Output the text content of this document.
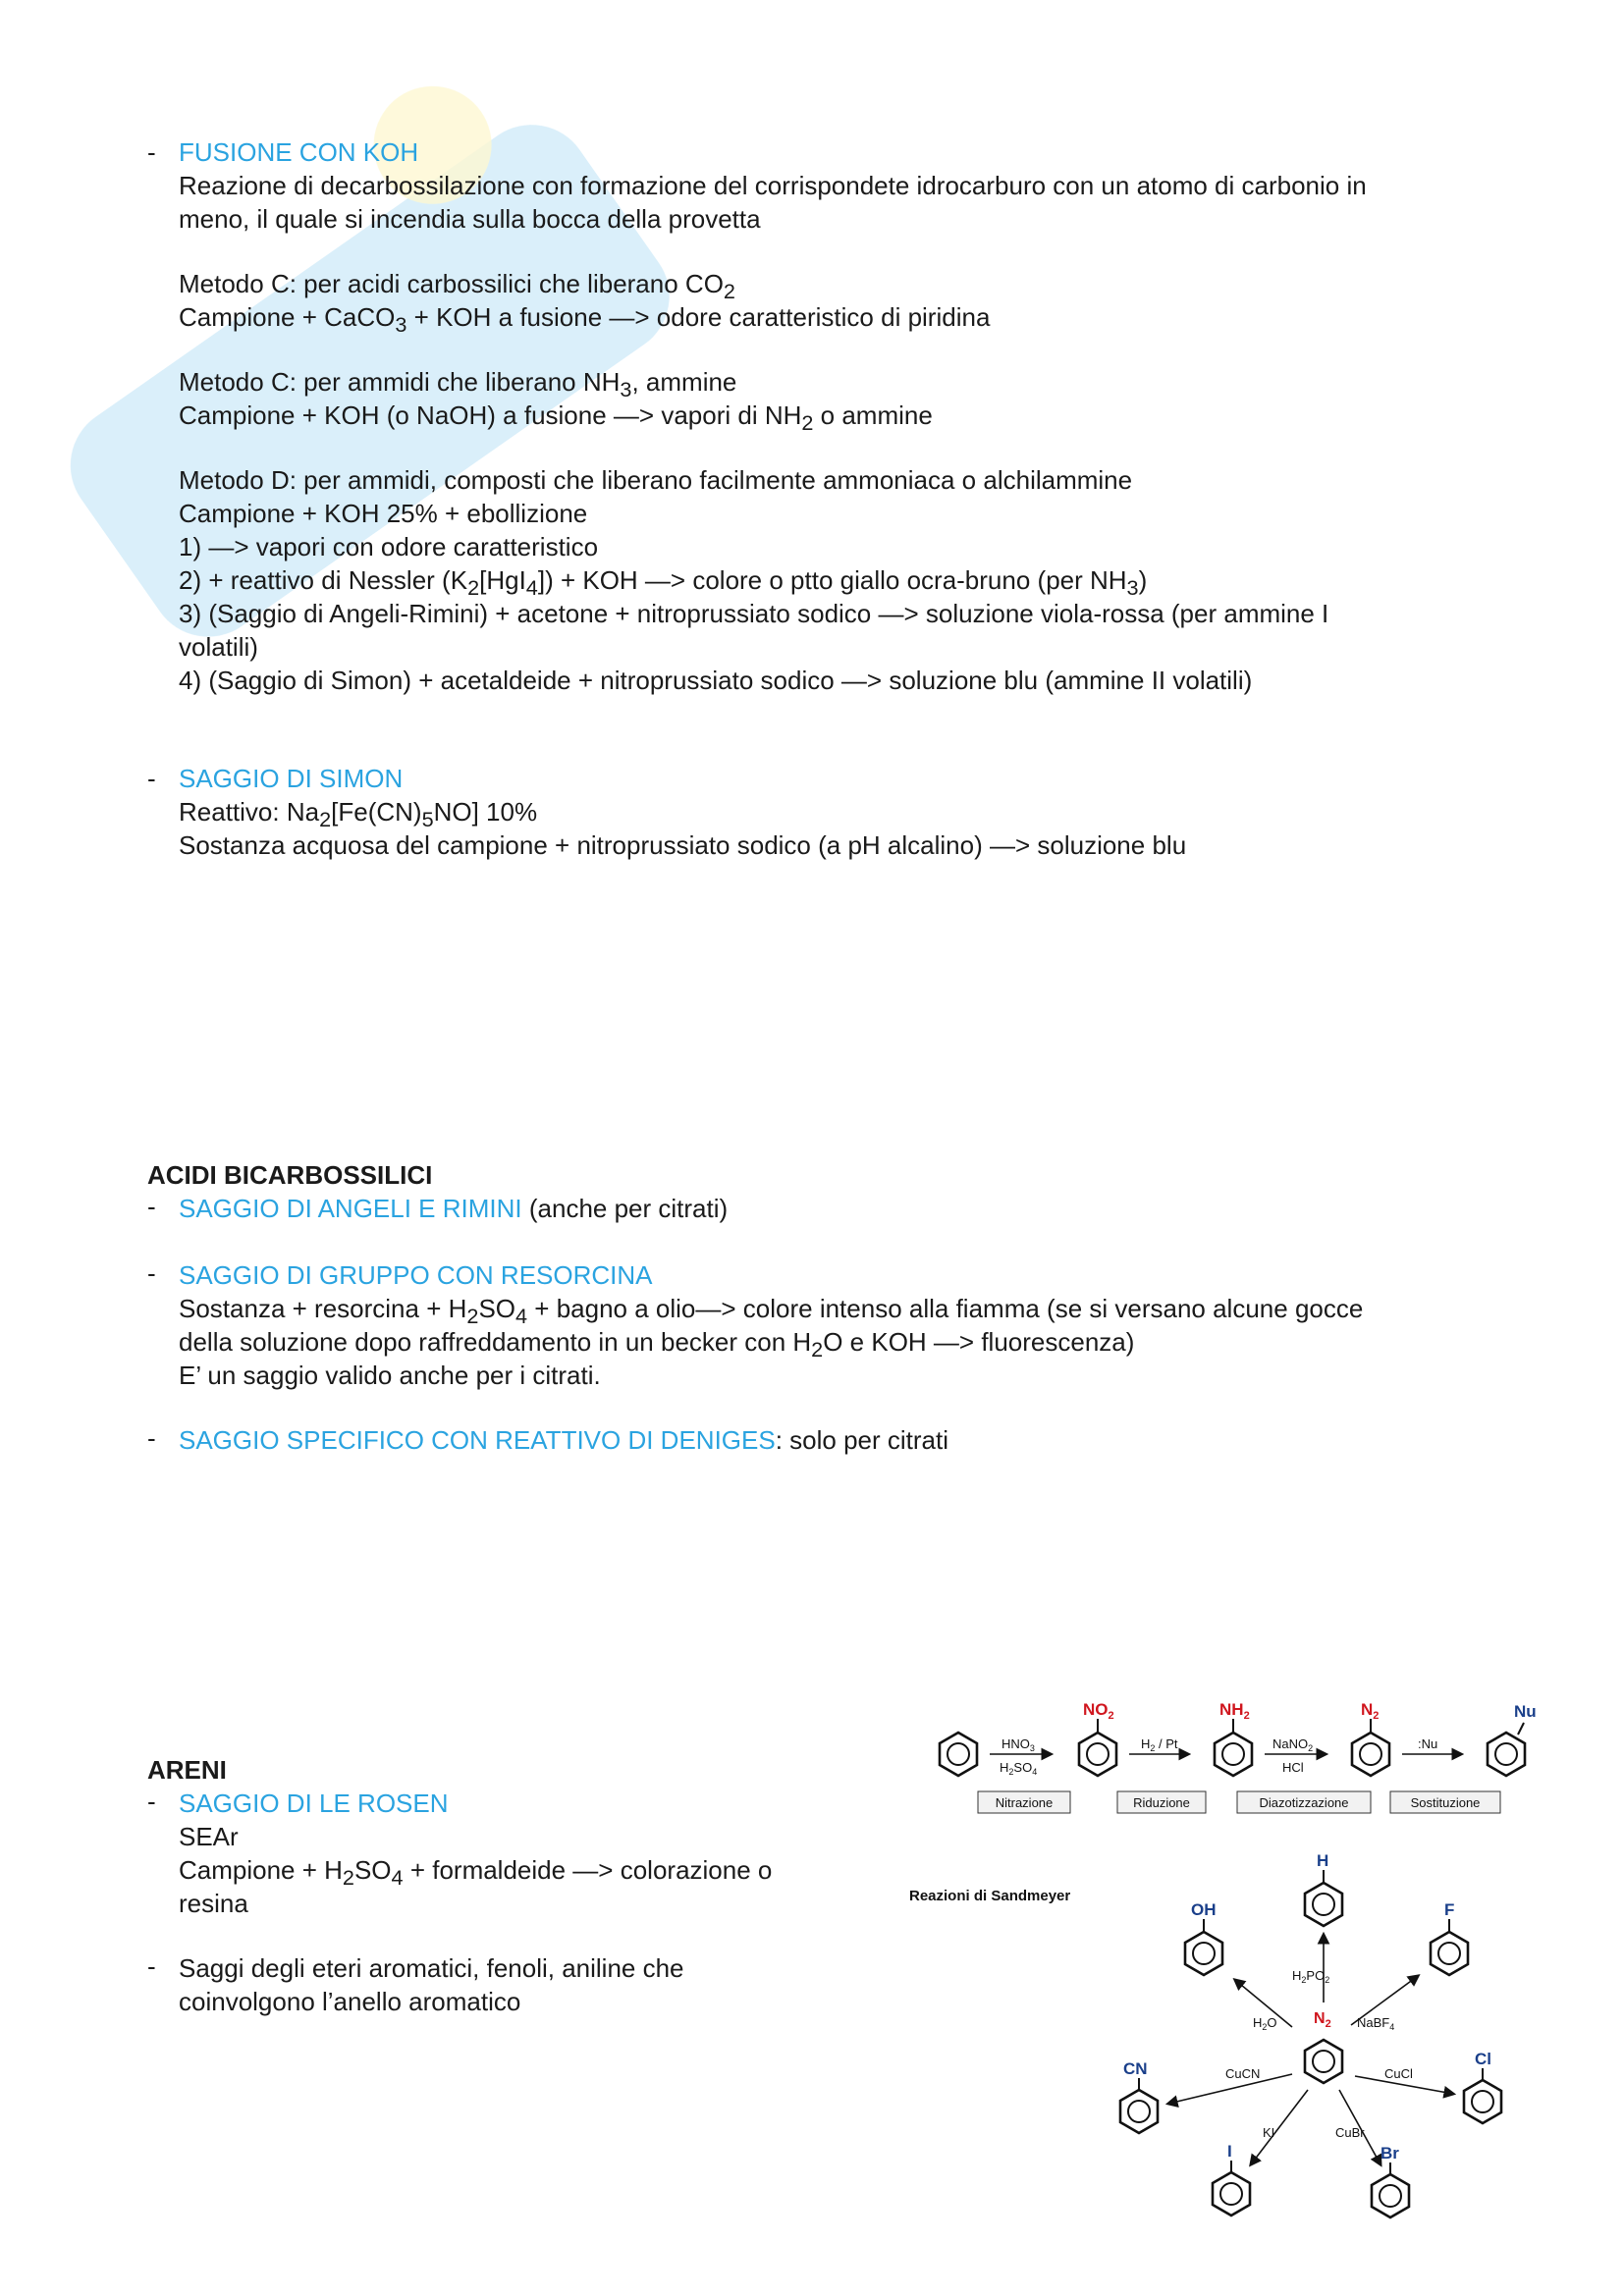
- FUSIONE CON KOH
Reazione di decarbossilazione con formazione del corrispondete idrocarburo con un atomo di carbonio in
meno, il quale si incendia sulla bocca della provetta
Metodo C: per acidi carbossilici che liberano $CO_2$
Campione + CaCO$_3$ + KOH a fusione —> odore caratteristico di piridina
Metodo C: per ammidi che liberano $NH_3$, ammine
Campione + KOH (o NaOH) a fusione —> vapori di $NH_2$ o ammine
Metodo D: per ammidi, composti che liberano facilmente ammoniaca o alchilammine
Campione + KOH 25% + ebollizione
1) —> vapori con odore caratteristico
2) + reattivo di Nessler $(K_2[HgI_4])$ + KOH —> colore o ptto giallo ocra-bruno (per $NH_3$)
3) (Saggio di Angeli-Rimini) + acetone + nitroprussiato sodico —> soluzione viola-rossa (per ammine I
volatili)
4) (Saggio di Simon) + acetaldeide + nitroprussiato sodico —> soluzione blu (ammine II volatili)
- SAGGIO DI SIMON
Reattivo: $Na_2[Fe(CN)_5NO]$ 10%
Sostanza acquosa del campione + nitroprussiato sodico (a pH alcalino) —> soluzione blu
ACIDI BICARBOSSILICI
- SAGGIO DI ANGELI E RIMINI (anche per citrati)
- SAGGIO DI GRUPPO CON RESORCINA
Sostanza + resorcina + $H_2SO_4$ + bagno a olio—> colore intenso alla fiamma (se si versano alcune gocce
della soluzione dopo raffreddamento in un becker con $H_2O$ e KOH —> fluorescenza)
E’ un saggio valido anche per i citrati.
- SAGGIO SPECIFICO CON REATTIVO DI DENIGES: solo per citrati
ARENI
- SAGGIO DI LE ROSEN
SEAr
Campione + $H_2SO_4$ + formaldeide —> colorazione o
resina
- Saggi degli eteri aromatici, fenoli, aniline che
coinvolgono l’anello aromatico
$HNO_3$
$H_2SO_4$
$NO_2$
$H_2$ / Pt
$NH_2$
NaNO$_2$
HCl
$N_2$
:Nu
Nu
Nitrazione	Riduzione	Diazotizzazione	Sostituzione
Reazioni di Sandmeyer
$N_2$
$H_2PO_2$
H
$H_2O$
OH
NaBF$_4$
F
CuCN
CN	CuCl
Cl
KI
I
CuBr
Br
